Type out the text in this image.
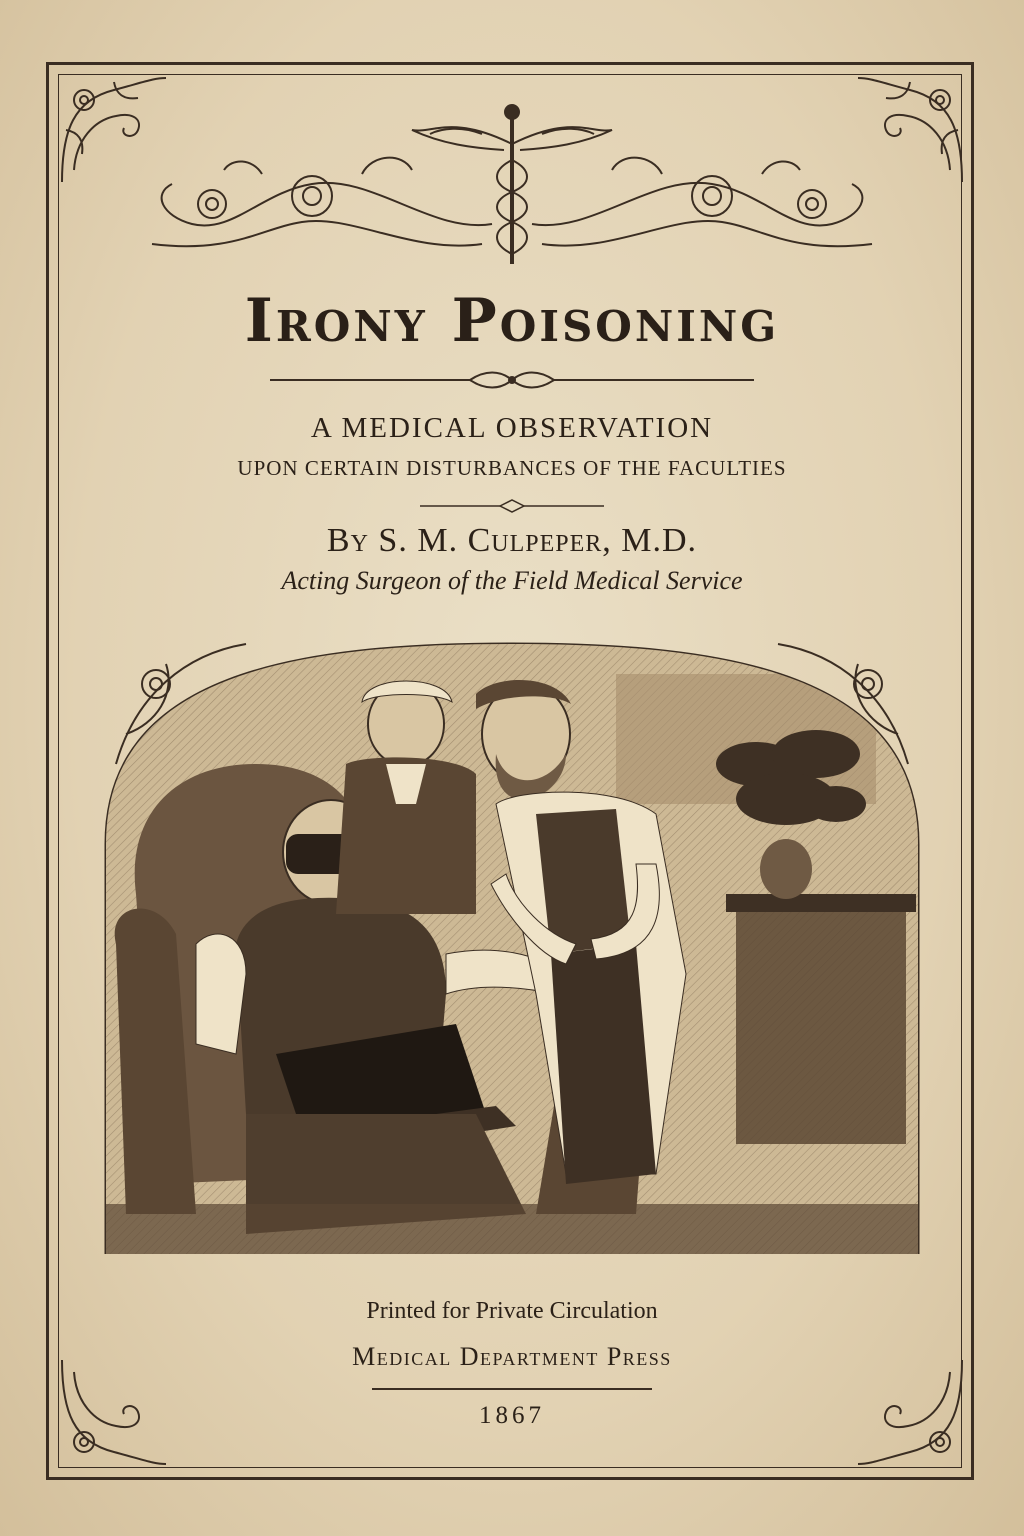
Irony Poisoning
A MEDICAL OBSERVATION
UPON CERTAIN DISTURBANCES OF THE FACULTIES
By S. M. Culpeper, M.D.
Acting Surgeon of the Field Medical Service
Printed for Private Circulation
Medical Department Press
1867
